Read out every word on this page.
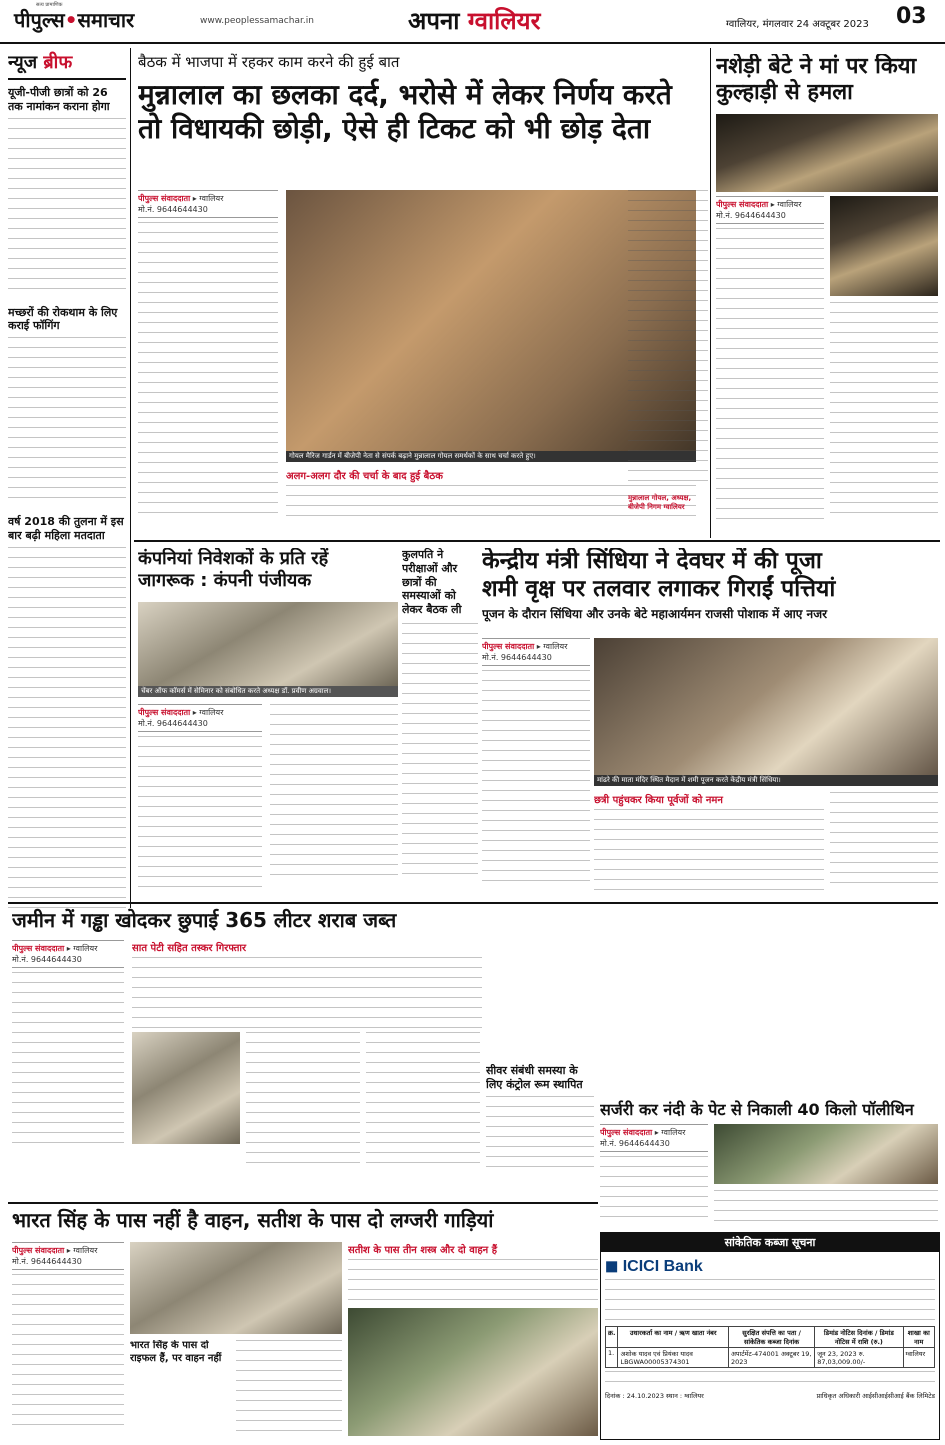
सत्य प्रामाणिक
पीपुल्स•समाचार	www.peoplessamachar.in	अपना ग्वालियर	ग्वालियर, मंगलवार 24 अक्टूबर 2023 03
न्यूज ब्रीफ
यूजी-पीजी छात्रों को 26 तक नामांकन कराना होगा
मच्छरों की रोकथाम के लिए कराई फॉगिंग
वर्ष 2018 की तुलना में इस बार बढ़ी महिला मतदाता
बैठक में भाजपा में रहकर काम करने की हुई बात
मुन्नालाल का छलका दर्द, भरोसे में लेकर निर्णय करते
तो विधायकी छोड़ी, ऐसे ही टिकट को भी छोड़ देता
पीपुल्स संवाददाता ▸ ग्वालियर
मो.नं. 9644644430
गोयल मैरिज गार्डन में बीजेपी नेता से संपर्क बढ़ाने मुन्नालाल गोयल समर्थकों के साथ चर्चा करते हुए।
अलग-अलग दौर की चर्चा के बाद हुई बैठक
मुन्नालाल गोयल, अध्यक्ष, बीजेपी निगम ग्वालियर
नशेड़ी बेटे ने मां पर किया
कुल्हाड़ी से हमला
पीपुल्स संवाददाता ▸ ग्वालियर
मो.नं. 9644644430
कंपनियां निवेशकों के प्रति रहें
जागरूक : कंपनी पंजीयक
चेंबर ऑफ कॉमर्स में सेमिनार को संबोधित करते अध्यक्ष डॉ. प्रवीण अग्रवाल।
पीपुल्स संवाददाता ▸ ग्वालियर
मो.नं. 9644644430
कुलपति ने परीक्षाओं और छात्रों की समस्याओं को लेकर बैठक ली
केन्द्रीय मंत्री सिंधिया ने देवघर में की पूजा
शमी वृक्ष पर तलवार लगाकर गिराईं पत्तियां
पूजन के दौरान सिंधिया और उनके बेटे महाआर्यमन राजसी पोशाक में आए नजर
पीपुल्स संवाददाता ▸ ग्वालियर
मो.नं. 9644644430
मांढरे की माता मंदिर स्थित मैदान में शमी पूजन करते केंद्रीय मंत्री सिंधिया।
छत्री पहुंचकर किया पूर्वजों को नमन
जमीन में गड्ढा खोदकर छुपाई 365 लीटर शराब जब्त
पीपुल्स संवाददाता ▸ ग्वालियर
मो.नं. 9644644430
सात पेटी सहित तस्कर गिरफ्तार
सीवर संबंधी समस्या के लिए कंट्रोल रूम स्थापित
सर्जरी कर नंदी के पेट से निकाली 40 किलो पॉलीथिन
पीपुल्स संवाददाता ▸ ग्वालियर
मो.नं. 9644644430
भारत सिंह के पास नहीं है वाहन, सतीश के पास दो लग्जरी गाड़ियां
पीपुल्स संवाददाता ▸ ग्वालियर
मो.नं. 9644644430
भारत सिंह के पास दो राइफल हैं, पर वाहन नहीं
सतीश के पास तीन शस्त्र और दो वाहन हैं
सांकेतिक कब्जा सूचना
◼ ICICI Bank
क्र.	उधारकर्ता का नाम / ऋण खाता नंबर	सुरक्षित संपत्ति का पता / सांकेतिक कब्जा दिनांक	डिमांड नोटिस दिनांक / डिमांड नोटिस में राशि (रु.)	शाखा का नाम
1.	अशोक यादव एवं प्रियंका यादव LBGWA00005374301	अपार्टमेंट-474001 अक्टूबर 19, 2023	जून 23, 2023 रु. 87,03,009.00/-	ग्वालियर
दिनांक : 24.10.2023 स्थान : ग्वालियर	प्राधिकृत अधिकारी आईसीआईसीआई बैंक लिमिटेड
